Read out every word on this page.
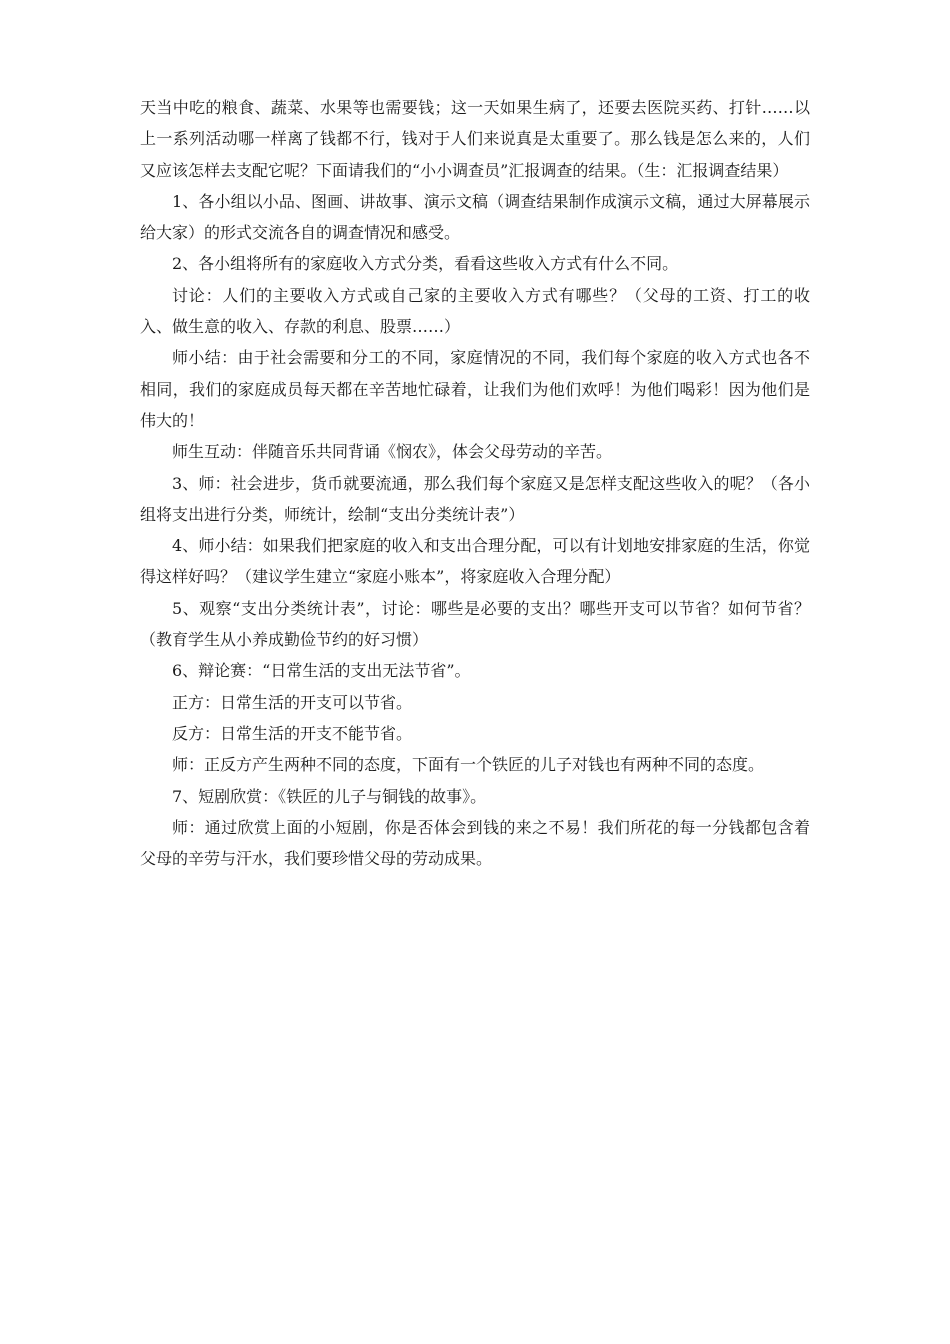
天当中吃的粮食、蔬菜、水果等也需要钱；这一天如果生病了，还要去医院买药、打针……以上一系列活动哪一样离了钱都不行，钱对于人们来说真是太重要了。那么钱是怎么来的，人们又应该怎样去支配它呢？下面请我们的“小小调查员”汇报调查的结果。（生：汇报调查结果）

1、各小组以小品、图画、讲故事、演示文稿（调查结果制作成演示文稿，通过大屏幕展示给大家）的形式交流各自的调查情况和感受。

2、各小组将所有的家庭收入方式分类，看看这些收入方式有什么不同。

讨论：人们的主要收入方式或自己家的主要收入方式有哪些？（父母的工资、打工的收入、做生意的收入、存款的利息、股票……）

师小结：由于社会需要和分工的不同，家庭情况的不同，我们每个家庭的收入方式也各不相同，我们的家庭成员每天都在辛苦地忙碌着，让我们为他们欢呼！为他们喝彩！因为他们是伟大的！

师生互动：伴随音乐共同背诵《悯农》，体会父母劳动的辛苦。

3、师：社会进步，货币就要流通，那么我们每个家庭又是怎样支配这些收入的呢？（各小组将支出进行分类，师统计，绘制“支出分类统计表”）

4、师小结：如果我们把家庭的收入和支出合理分配，可以有计划地安排家庭的生活，你觉得这样好吗？（建议学生建立“家庭小账本”，将家庭收入合理分配）

5、观察“支出分类统计表”，讨论：哪些是必要的支出？哪些开支可以节省？如何节省？（教育学生从小养成勤俭节约的好习惯）

6、辩论赛：“日常生活的支出无法节省”。

正方：日常生活的开支可以节省。

反方：日常生活的开支不能节省。

师：正反方产生两种不同的态度，下面有一个铁匠的儿子对钱也有两种不同的态度。

7、短剧欣赏：《铁匠的儿子与铜钱的故事》。

师：通过欣赏上面的小短剧，你是否体会到钱的来之不易！我们所花的每一分钱都包含着父母的辛劳与汗水，我们要珍惜父母的劳动成果。
